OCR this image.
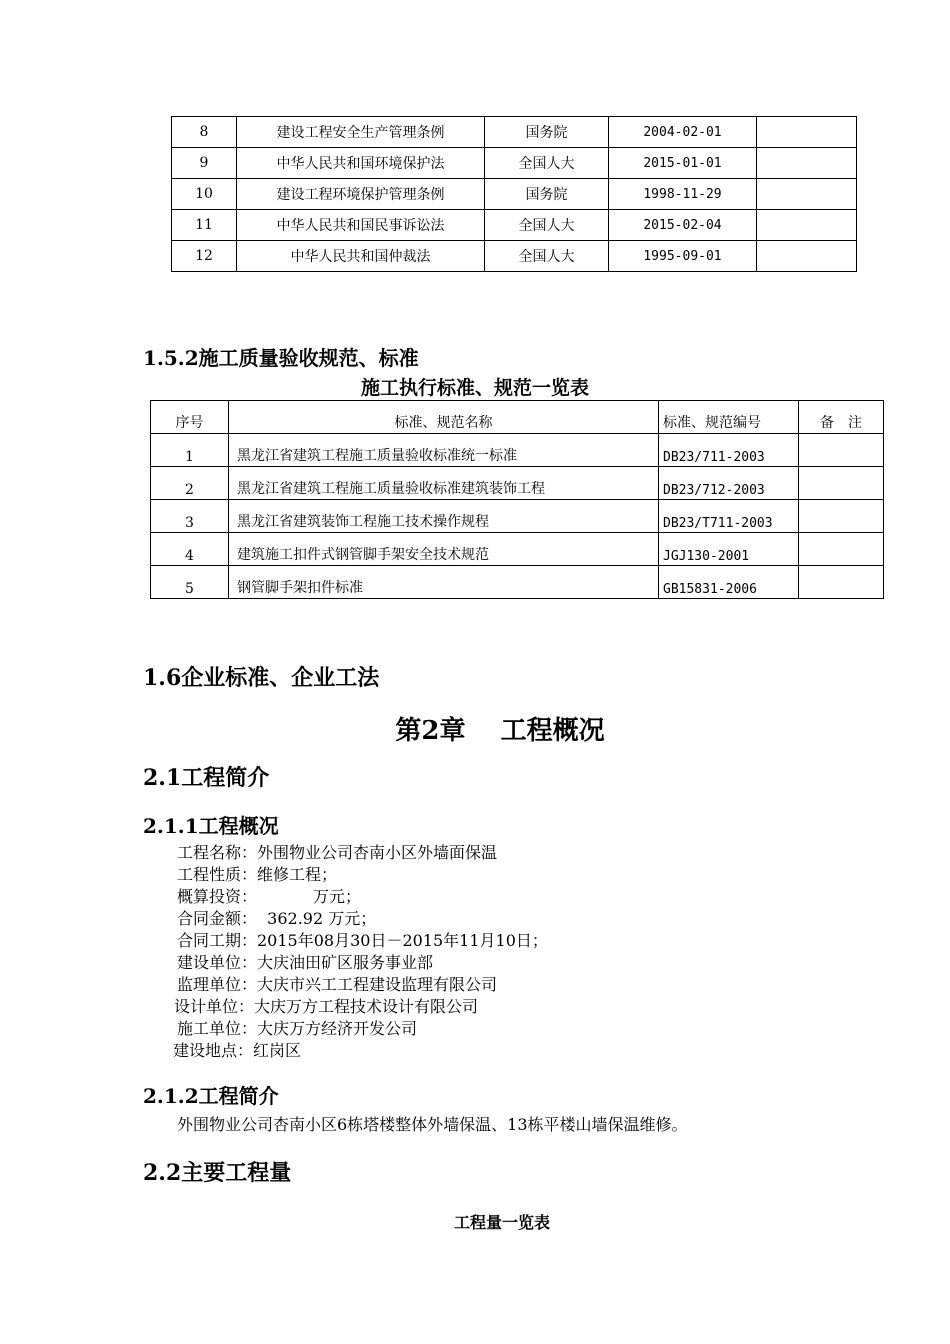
8	建设工程安全生产管理条例	国务院	2004-02-01	
9	中华人民共和国环境保护法	全国人大	2015-01-01	
10	建设工程环境保护管理条例	国务院	1998-11-29	
11	中华人民共和国民事诉讼法	全国人大	2015-02-04	
12	中华人民共和国仲裁法	全国人大	1995-09-01	
1.5.2施工质量验收规范、标准
施工执行标准、规范一览表
序号	标准、规范名称	标准、规范编号	备　注
1	黑龙江省建筑工程施工质量验收标准统一标准	DB23/711-2003	
2	黑龙江省建筑工程施工质量验收标准建筑装饰工程	DB23/712-2003	
3	黑龙江省建筑装饰工程施工技术操作规程	DB23/T711-2003	
4	建筑施工扣件式钢管脚手架安全技术规范	JGJ130-2001	
5	钢管脚手架扣件标准	GB15831-2006	
1.6企业标准、企业工法
第2章　 工程概况
2.1工程简介
2.1.1工程概况
工程名称：外围物业公司杏南小区外墙面保温
工程性质：维修工程；
概算投资：　　　　万元；
合同金额：  362.92 万元；
合同工期：2015年08月30日－2015年11月10日；
建设单位：大庆油田矿区服务事业部
监理单位：大庆市兴工工程建设监理有限公司
设计单位：大庆万方工程技术设计有限公司
施工单位：大庆万方经济开发公司
建设地点：红岗区
2.1.2工程简介
外围物业公司杏南小区6栋塔楼整体外墙保温、13栋平楼山墙保温维修。
2.2主要工程量
工程量一览表
